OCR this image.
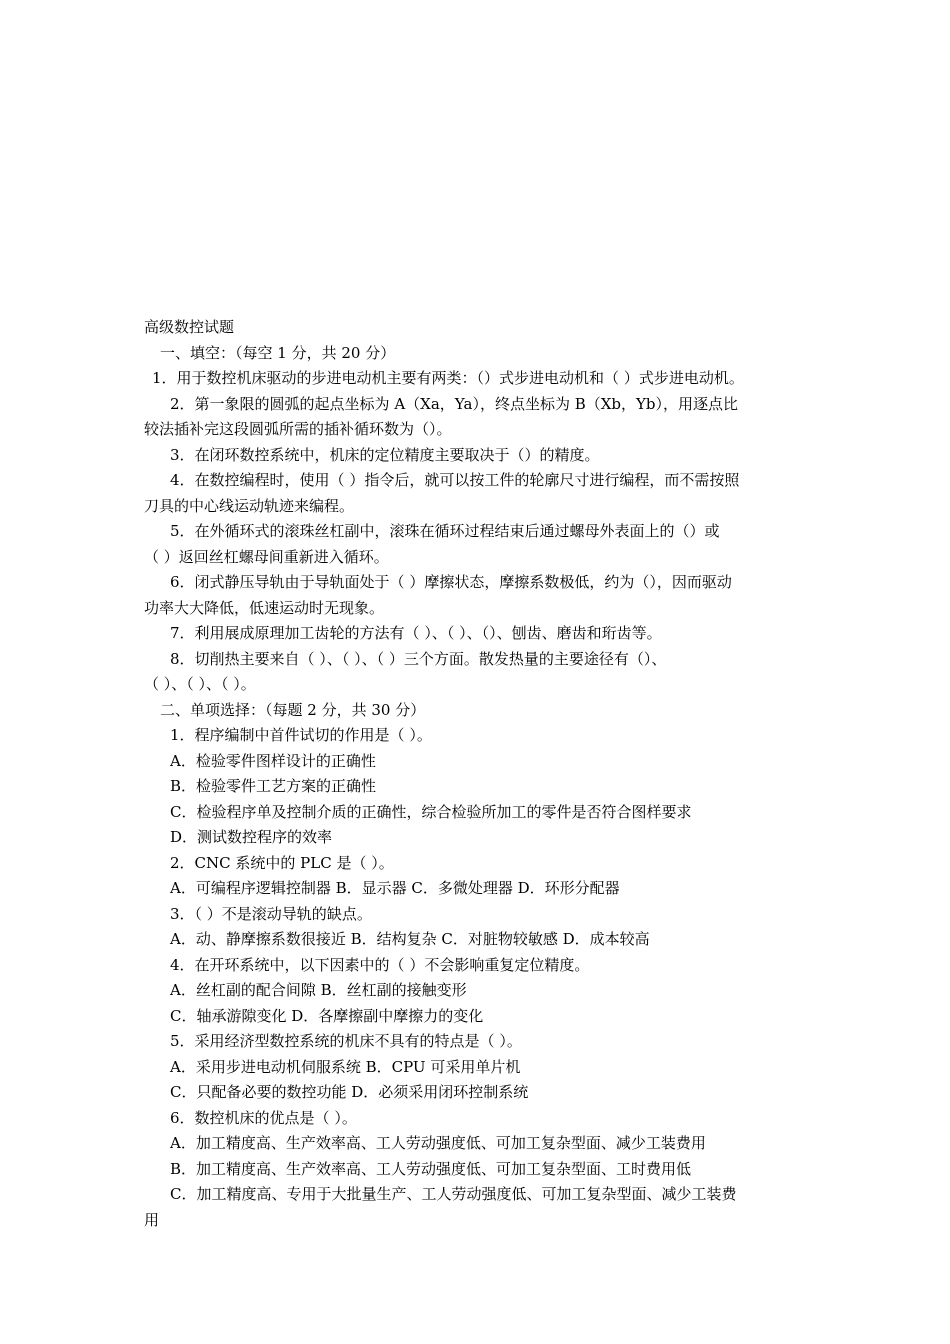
高级数控试题
一、填空：（每空 1 分，共 20 分）
1．用于数控机床驱动的步进电动机主要有两类：（）式步进电动机和（ ）式步进电动机。
2．第一象限的圆弧的起点坐标为 A（Xa，Ya），终点坐标为 B（Xb，Yb），用逐点比
较法插补完这段圆弧所需的插补循环数为（）。
3．在闭环数控系统中，机床的定位精度主要取决于（）的精度。
4．在数控编程时，使用（ ）指令后，就可以按工件的轮廓尺寸进行编程，而不需按照
刀具的中心线运动轨迹来编程。
5．在外循环式的滚珠丝杠副中，滚珠在循环过程结束后通过螺母外表面上的（）或
（ ）返回丝杠螺母间重新进入循环。
6．闭式静压导轨由于导轨面处于（ ）摩擦状态，摩擦系数极低，约为（），因而驱动
功率大大降低，低速运动时无现象。
7．利用展成原理加工齿轮的方法有（ ）、（ ）、（）、刨齿、磨齿和珩齿等。
8．切削热主要来自（ ）、（ ）、（ ）三个方面。散发热量的主要途径有（）、
（ ）、（ ）、（ ）。
二、单项选择：（每题 2 分，共 30 分）
1．程序编制中首件试切的作用是（ ）。
A．检验零件图样设计的正确性
B．检验零件工艺方案的正确性
C．检验程序单及控制介质的正确性，综合检验所加工的零件是否符合图样要求
D．测试数控程序的效率
2．CNC 系统中的 PLC 是（ ）。
A．可编程序逻辑控制器 B．显示器 C．多微处理器 D．环形分配器
3．（ ）不是滚动导轨的缺点。
A．动、静摩擦系数很接近 B．结构复杂 C．对脏物较敏感 D．成本较高
4．在开环系统中，以下因素中的（ ）不会影响重复定位精度。
A．丝杠副的配合间隙 B．丝杠副的接触变形
C．轴承游隙变化 D．各摩擦副中摩擦力的变化
5．采用经济型数控系统的机床不具有的特点是（ ）。
A．采用步进电动机伺服系统 B．CPU 可采用单片机
C．只配备必要的数控功能 D．必须采用闭环控制系统
6．数控机床的优点是（ ）。
A．加工精度高、生产效率高、工人劳动强度低、可加工复杂型面、减少工装费用
B．加工精度高、生产效率高、工人劳动强度低、可加工复杂型面、工时费用低
C．加工精度高、专用于大批量生产、工人劳动强度低、可加工复杂型面、减少工装费
用
